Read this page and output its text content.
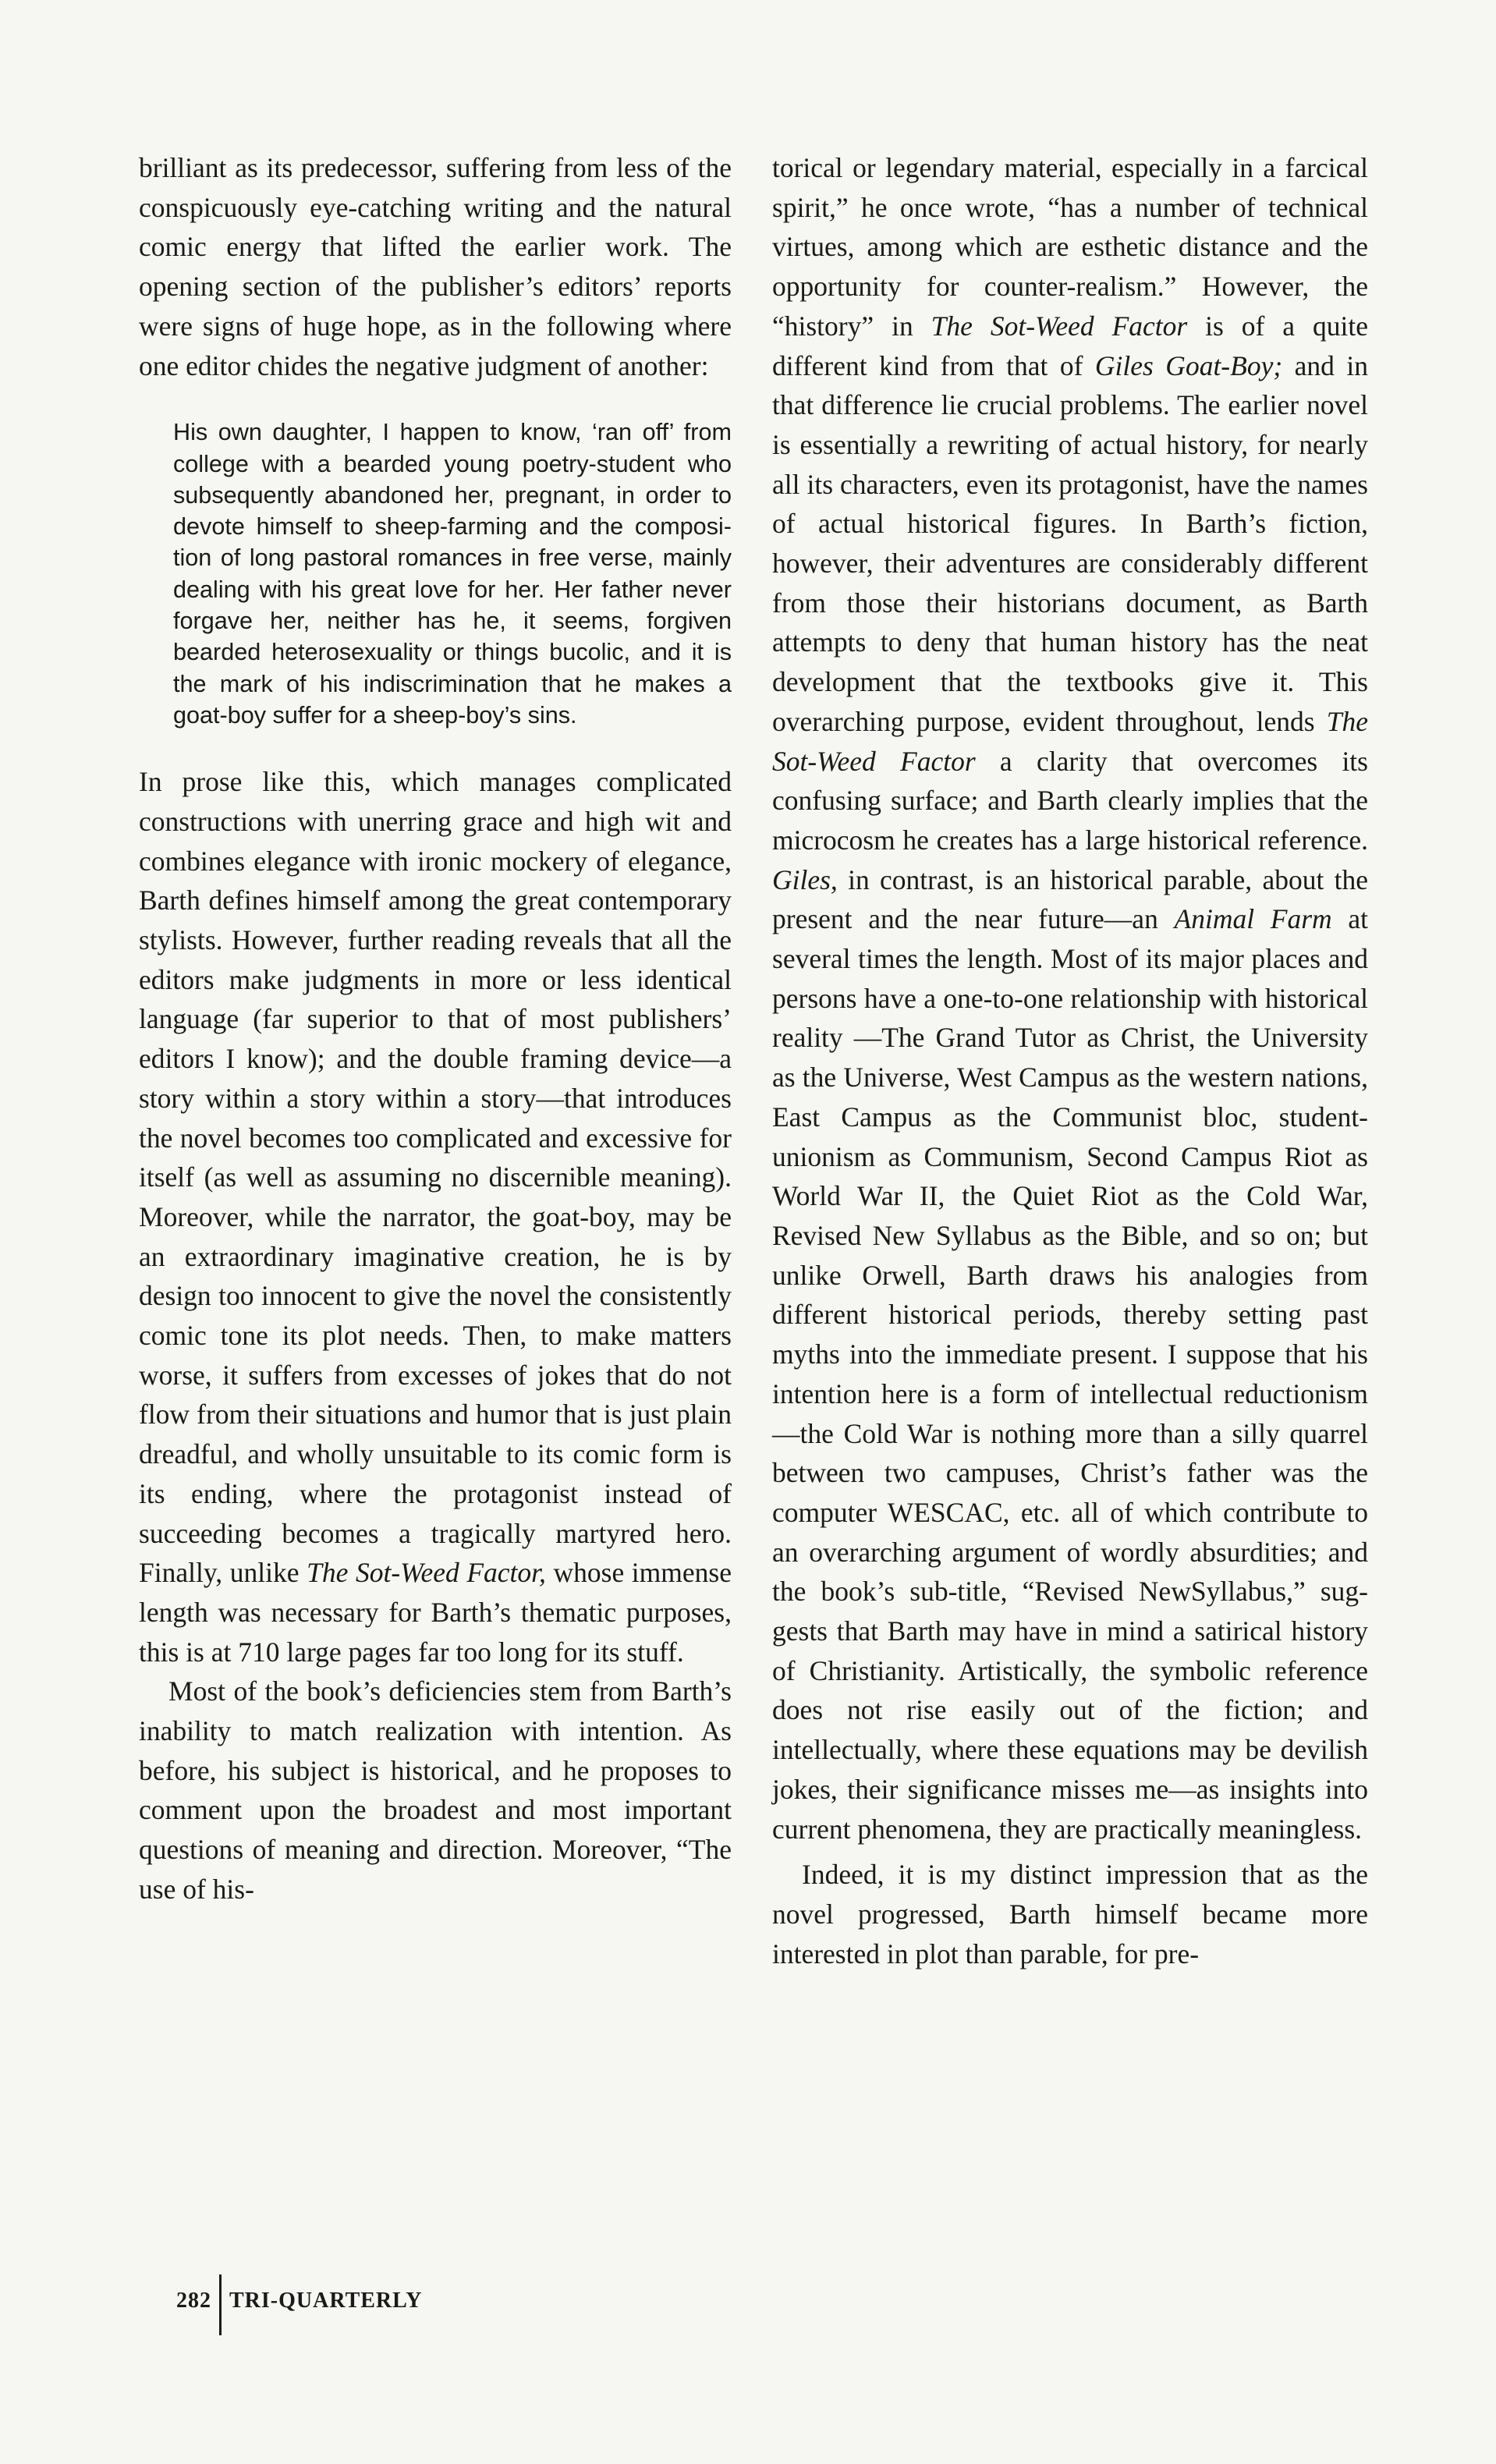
brilliant as its predecessor, suffering from less of the conspicuously eye-catching writing and the natural comic energy that lifted the earlier work. The opening section of the publisher’s editors’ reports were signs of huge hope, as in the following where one editor chides the negative judgment of another:

His own daughter, I happen to know, ‘ran off’ from college with a bearded young poetry-student who subsequently abandoned her, pregnant, in order to devote himself to sheep-farming and the composition of long pastoral romances in free verse, mainly dealing with his great love for her. Her father never forgave her, neither has he, it seems, forgiven bearded heterosexuality or things bucolic, and it is the mark of his indiscrimination that he makes a goat-boy suffer for a sheep-boy’s sins.

In prose like this, which manages complicated constructions with unerring grace and high wit and combines elegance with ironic mockery of elegance, Barth defines himself among the great contemporary stylists. However, further reading reveals that all the editors make judgments in more or less identical language (far superior to that of most publishers’ editors I know); and the double framing device—a story within a story within a story—that introduces the novel becomes too complicated and excessive for itself (as well as assuming no discernible meaning). Moreover, while the narrator, the goat-boy, may be an extraordinary imaginative creation, he is by design too innocent to give the novel the consistently comic tone its plot needs. Then, to make matters worse, it suffers from excesses of jokes that do not flow from their situations and humor that is just plain dreadful, and wholly unsuitable to its comic form is its ending, where the protagonist instead of succeeding becomes a tragically martyred hero. Finally, unlike The Sot-Weed Factor, whose immense length was necessary for Barth’s thematic purposes, this is at 710 large pages far too long for its stuff.

Most of the book’s deficiencies stem from Barth’s inability to match realization with intention. As before, his subject is historical, and he proposes to comment upon the broadest and most important questions of meaning and direction. Moreover, “The use of his-

torical or legendary material, especially in a farcical spirit,” he once wrote, “has a number of technical virtues, among which are esthetic distance and the opportunity for counter-realism.” However, the “history” in The Sot-Weed Factor is of a quite different kind from that of Giles Goat-Boy; and in that difference lie crucial problems. The earlier novel is essentially a rewriting of actual history, for nearly all its characters, even its protagonist, have the names of actual historical figures. In Barth’s fiction, however, their adventures are considerably different from those their historians document, as Barth attempts to deny that human history has the neat development that the textbooks give it. This overarching purpose, evident throughout, lends The Sot-Weed Factor a clarity that overcomes its confusing surface; and Barth clearly implies that the microcosm he creates has a large historical reference. Giles, in contrast, is an historical parable, about the present and the near future—an Animal Farm at several times the length. Most of its major places and persons have a one-to-one relationship with historical reality —The Grand Tutor as Christ, the University as the Universe, West Campus as the western nations, East Campus as the Communist bloc, student-unionism as Communism, Second Campus Riot as World War II, the Quiet Riot as the Cold War, Revised New Syllabus as the Bible, and so on; but unlike Orwell, Barth draws his analogies from different historical periods, thereby setting past myths into the immediate present. I suppose that his intention here is a form of intellectual reductionism—the Cold War is nothing more than a silly quarrel between two campuses, Christ’s father was the computer WESCAC, etc. all of which contribute to an overarching argument of wordly absurdities; and the book’s sub-title, “Revised NewSyllabus,” suggests that Barth may have in mind a satirical history of Christianity. Artistically, the symbolic reference does not rise easily out of the fiction; and intellectually, where these equations may be devilish jokes, their significance misses me—as insights into current phenomena, they are practically meaningless.

Indeed, it is my distinct impression that as the novel progressed, Barth himself became more interested in plot than parable, for pre-

282 TRI-QUARTERLY
